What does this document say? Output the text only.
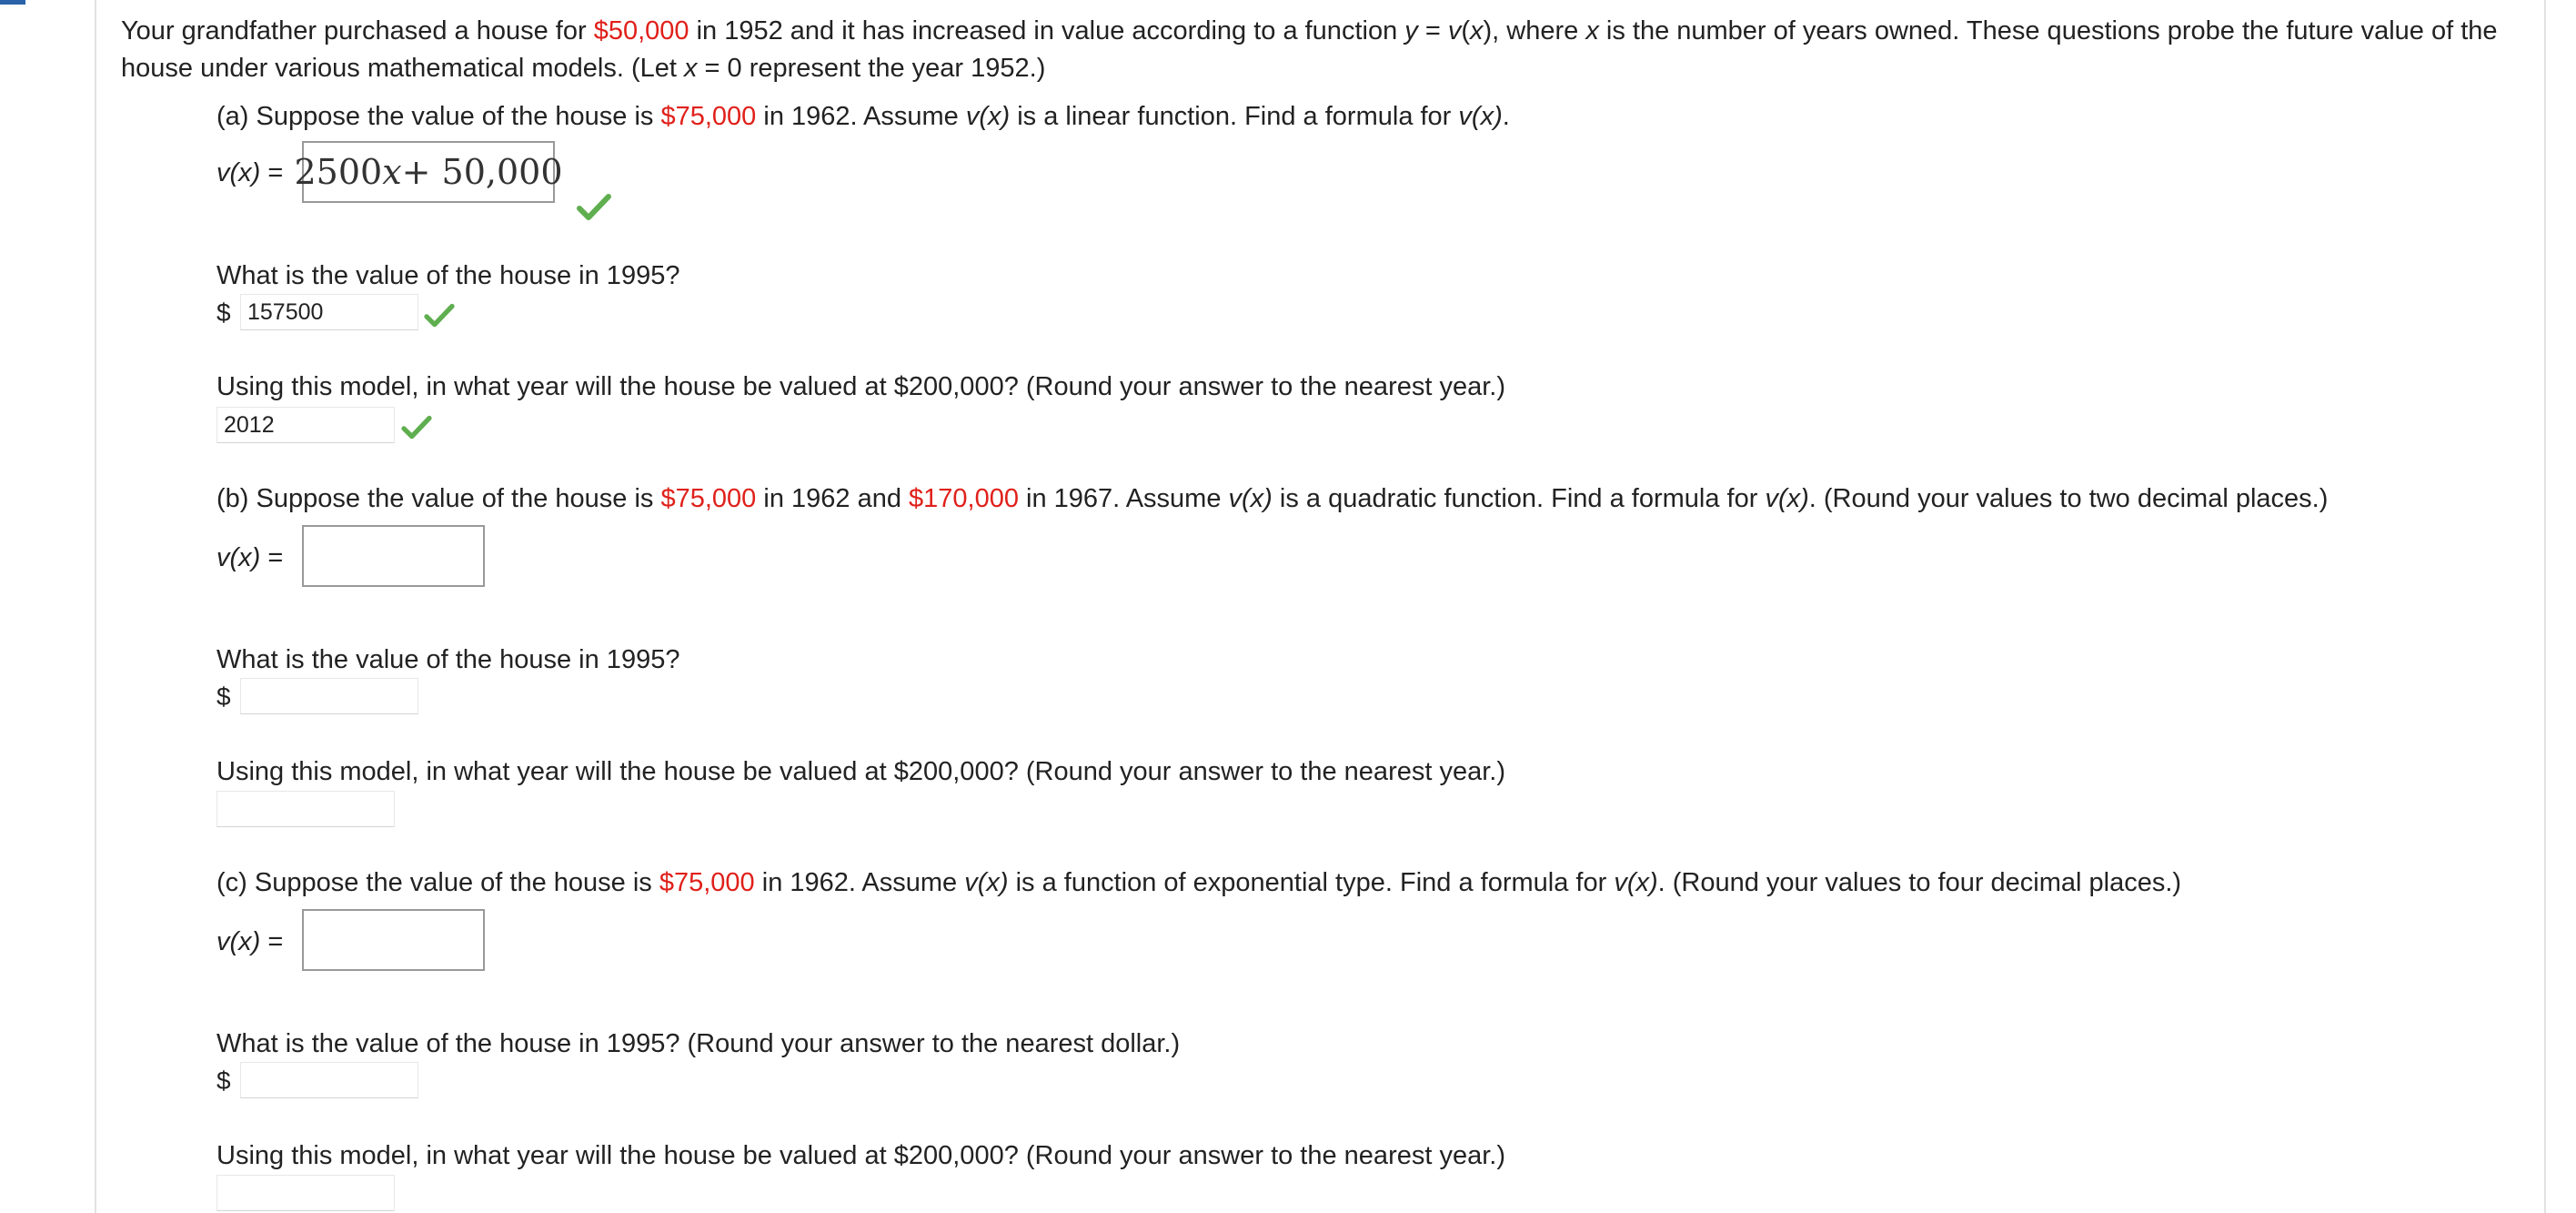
Your grandfather purchased a house for $50,000 in 1952 and it has increased in value according to a function y = v(x), where x is the number of years owned. These questions probe the future value of the house under various mathematical models. (Let x = 0 represent the year 1952.)
(a) Suppose the value of the house is $75,000 in 1962. Assume v(x) is a linear function. Find a formula for v(x).
v(x) = 2500 x + 50,000
What is the value of the house in 1995?
$
157500
Using this model, in what year will the house be valued at $200,000? (Round your answer to the nearest year.)
2012
(b) Suppose the value of the house is $75,000 in 1962 and $170,000 in 1967. Assume v(x) is a quadratic function. Find a formula for v(x). (Round your values to two decimal places.)
v(x) =
What is the value of the house in 1995?
$
Using this model, in what year will the house be valued at $200,000? (Round your answer to the nearest year.)
(c) Suppose the value of the house is $75,000 in 1962. Assume v(x) is a function of exponential type. Find a formula for v(x). (Round your values to four decimal places.)
v(x) =
What is the value of the house in 1995? (Round your answer to the nearest dollar.)
$
Using this model, in what year will the house be valued at $200,000? (Round your answer to the nearest year.)
